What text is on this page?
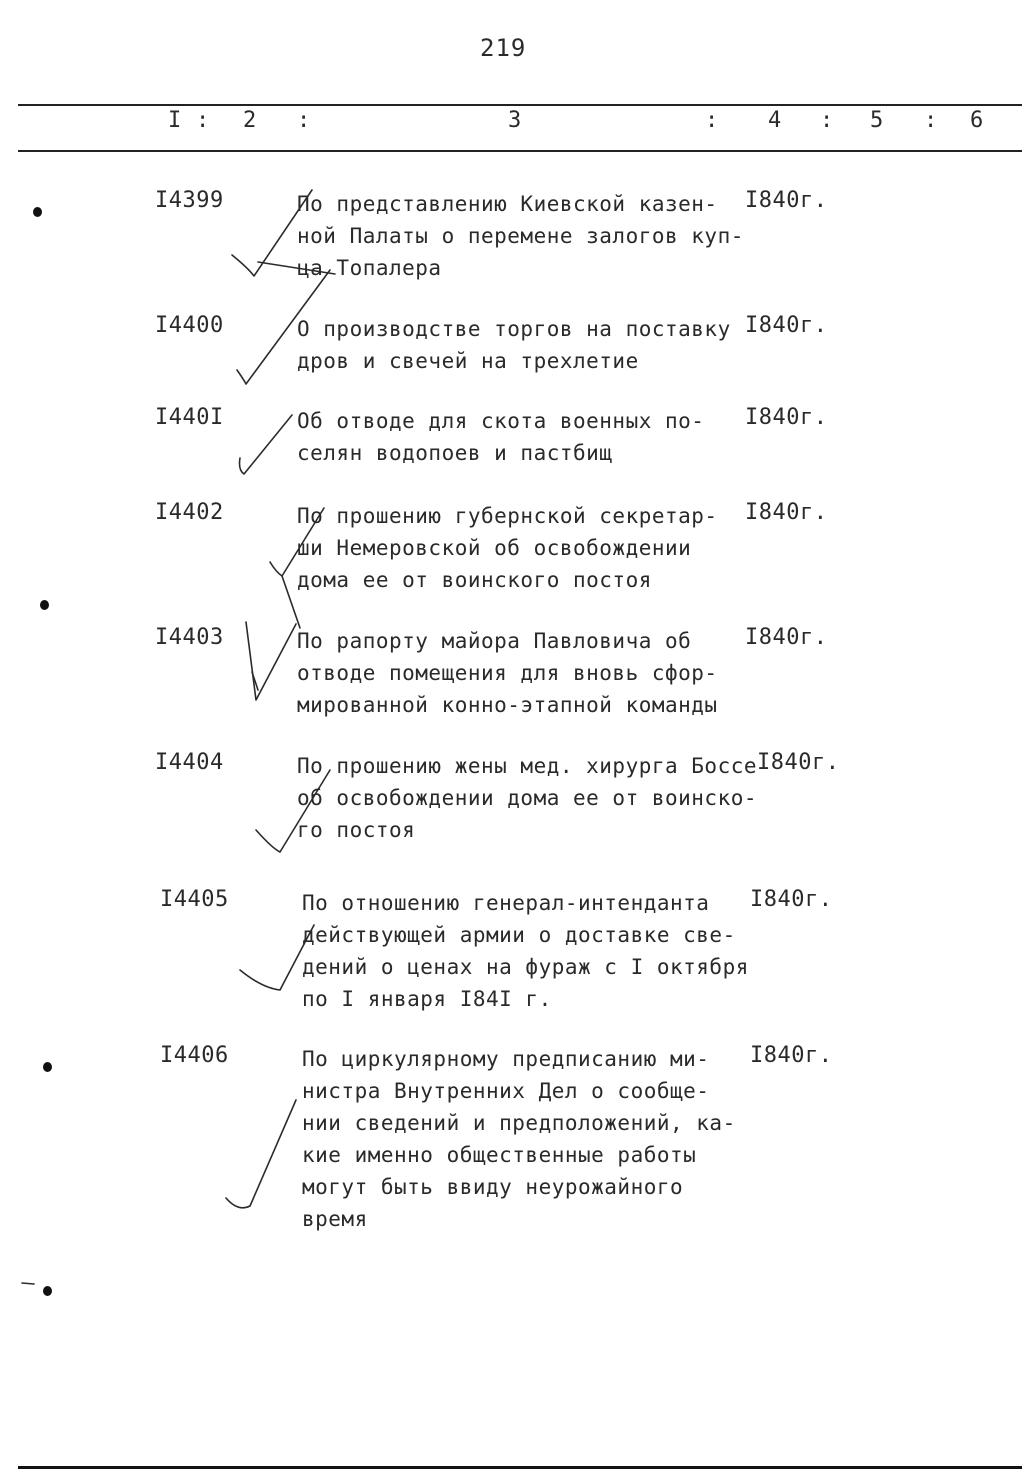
219
I : 2 :	3	: 4 : 5 : 6
I4399	По представлению Киевской казен-
ной Палаты о перемене залогов куп-
ца Топалера
I840г.
I4400	О производстве торгов на поставку
дров и свечей на трехлетие
I840г.
I440I	Об отводе для скота военных по-
селян водопоев и пастбищ
I840г.
I4402	По прошению губернской секретар-
ши Немеровской об освобождении
дома ее от воинского постоя
I840г.
I4403	По рапорту майора Павловича об
отводе помещения для вновь сфор-
мированной конно-этапной команды
I840г.
I4404	По прошению жены мед. хирурга Боссе
об освобождении дома ее от воинско-
го постоя
I840г.
I4405	По отношению генерал-интенданта
действующей армии о доставке све-
дений о ценах на фураж с I октября
по I января I84I г.
I840г.
I4406	По циркулярному предписанию ми-
нистра Внутренних Дел о сообще-
нии сведений и предположений, ка-
кие именно общественные работы
могут быть ввиду неурожайного
время
I840г.
